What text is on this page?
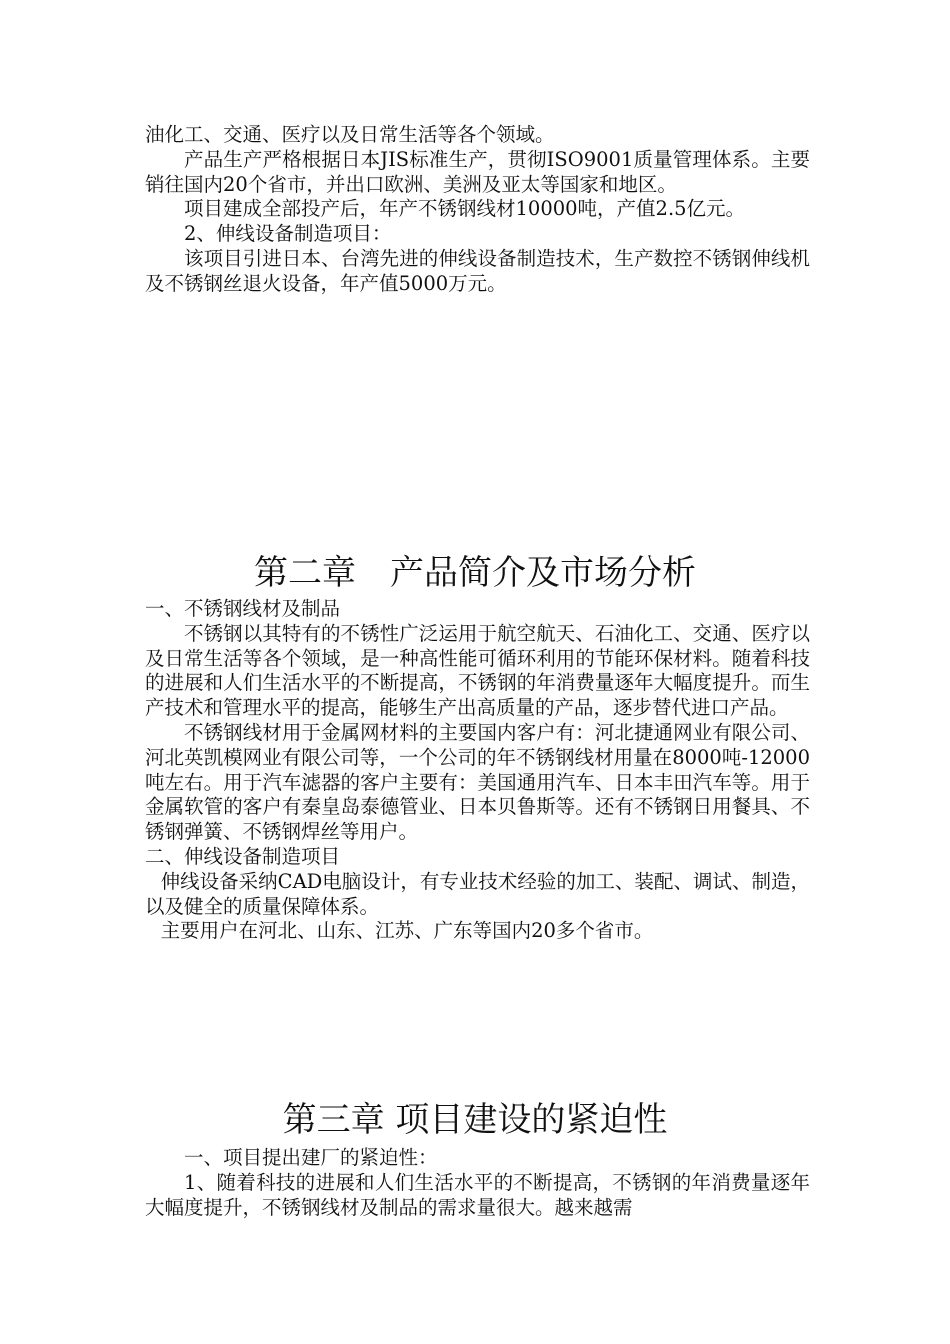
油化工、交通、医疗以及日常生活等各个领域。

产品生产严格根据日本JIS标准生产，贯彻ISO9001质量管理体系。主要销往国内20个省市，并出口欧洲、美洲及亚太等国家和地区。

项目建成全部投产后，年产不锈钢线材10000吨，产值2.5亿元。

2、伸线设备制造项目：

该项目引进日本、台湾先进的伸线设备制造技术，生产数控不锈钢伸线机及不锈钢丝退火设备，年产值5000万元。

第二章　产品简介及市场分析

一、不锈钢线材及制品

不锈钢以其特有的不锈性广泛运用于航空航天、石油化工、交通、医疗以及日常生活等各个领域，是一种高性能可循环利用的节能环保材料。随着科技的进展和人们生活水平的不断提高，不锈钢的年消费量逐年大幅度提升。而生产技术和管理水平的提高，能够生产出高质量的产品，逐步替代进口产品。

不锈钢线材用于金属网材料的主要国内客户有：河北捷通网业有限公司、河北英凯模网业有限公司等，一个公司的年不锈钢线材用量在8000吨-12000吨左右。用于汽车滤器的客户主要有：美国通用汽车、日本丰田汽车等。用于金属软管的客户有秦皇岛泰德管业、日本贝鲁斯等。还有不锈钢日用餐具、不锈钢弹簧、不锈钢焊丝等用户。

二、伸线设备制造项目

伸线设备采纳CAD电脑设计，有专业技术经验的加工、装配、调试、制造，以及健全的质量保障体系。

主要用户在河北、山东、江苏、广东等国内20多个省市。

第三章 项目建设的紧迫性

一、项目提出建厂的紧迫性：

1、随着科技的进展和人们生活水平的不断提高，不锈钢的年消费量逐年大幅度提升，不锈钢线材及制品的需求量很大。越来越需
